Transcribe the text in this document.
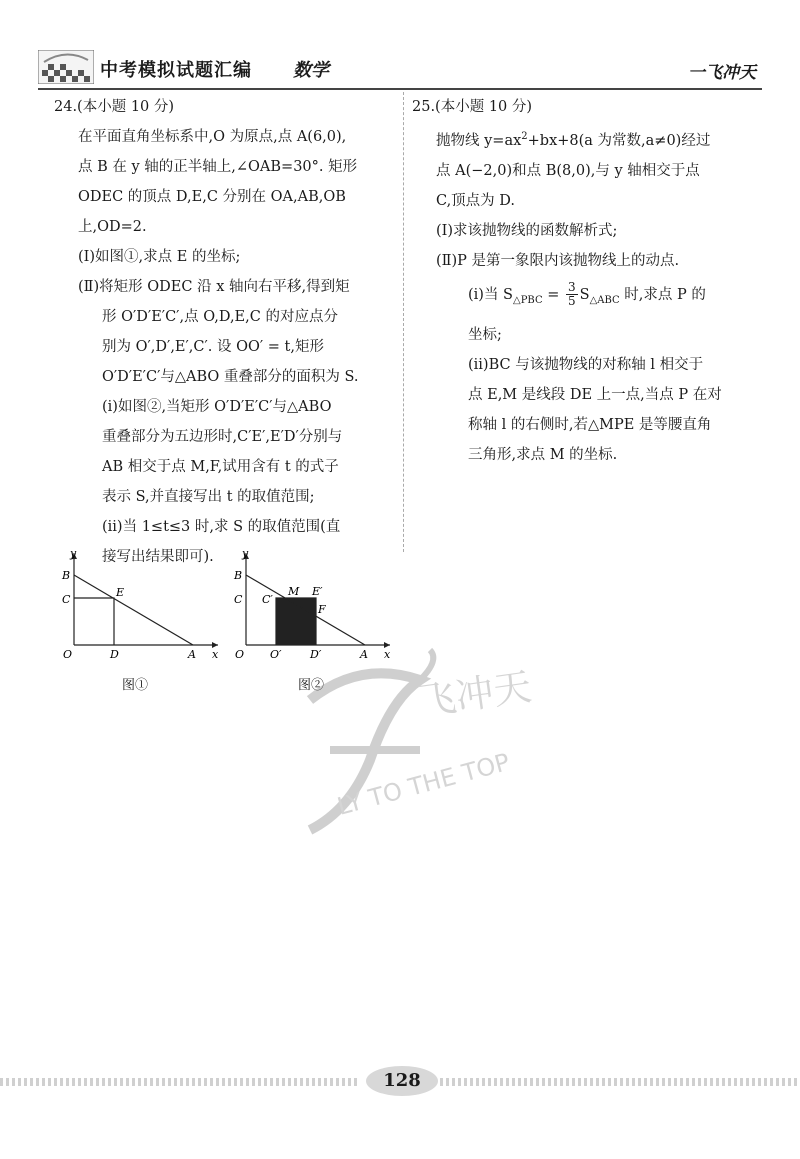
中考模拟试题汇编 数学	一飞冲天

24.(本小题 10 分)

在平面直角坐标系中,O 为原点,点 A(6,0),

点 B 在 y 轴的正半轴上,∠OAB=30°. 矩形

ODEC 的顶点 D,E,C 分别在 OA,AB,OB

上,OD=2.

(Ⅰ)如图①,求点 E 的坐标;

(Ⅱ)将矩形 ODEC 沿 x 轴向右平移,得到矩

形 O′D′E′C′,点 O,D,E,C 的对应点分

别为 O′,D′,E′,C′. 设 OO′ = t,矩形

O′D′E′C′与△ABO 重叠部分的面积为 S.

(ⅰ)如图②,当矩形 O′D′E′C′与△ABO

重叠部分为五边形时,C′E′,E′D′分别与

AB 相交于点 M,F,试用含有 t 的式子

表示 S,并直接写出 t 的取值范围;

(ⅱ)当 1≤t≤3 时,求 S 的取值范围(直

接写出结果即可).

y
x
B
C
E
O	D	A
图①
y
x
B
C C′
M E′
F
O O′	D′	A
图②

25.(本小题 10 分)

抛物线 $y=ax^2+bx+8(a$ 为常数,a≠0)经过

点 A(−2,0)和点 B(8,0),与 y 轴相交于点

C,顶点为 D.

(Ⅰ)求该抛物线的函数解析式;

(Ⅱ)P 是第一象限内该抛物线上的动点.

(ⅰ)当 $S_{\triangle PBC} = \frac{3}{5} S_{\triangle ABC}$ 时,求点 P 的

坐标;

(ⅱ)BC 与该抛物线的对称轴 l 相交于

点 E,M 是线段 DE 上一点,当点 P 在对

称轴 l 的右侧时,若△MPE 是等腰直角

三角形,求点 M 的坐标.

飞冲天
LY TO THE TOP
128
